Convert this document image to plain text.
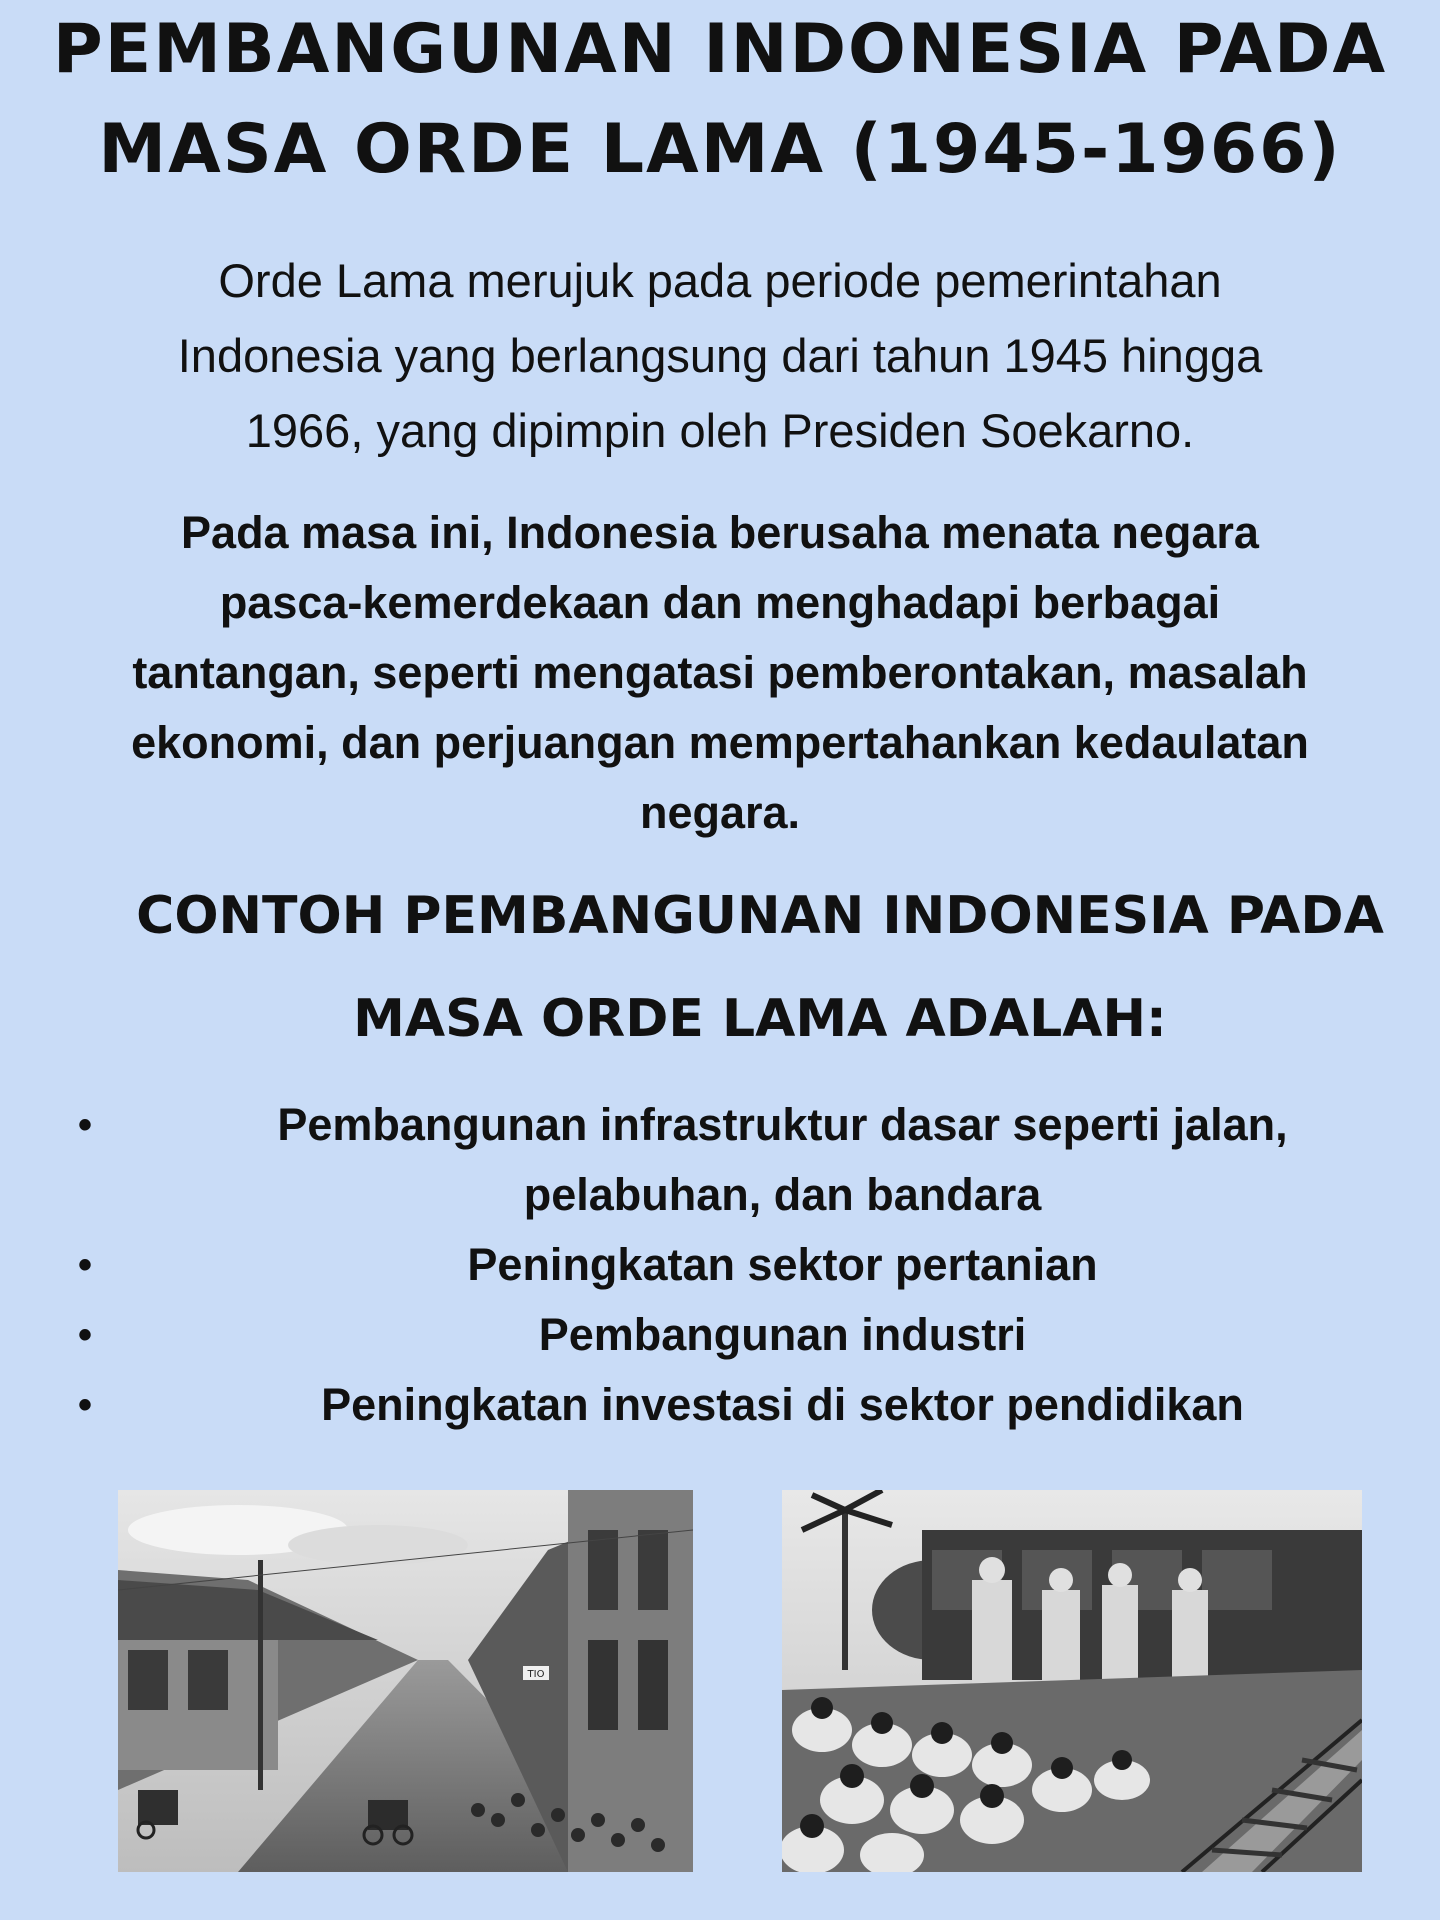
PEMBANGUNAN INDONESIA PADA
MASA ORDE LAMA (1945-1966)

Orde Lama merujuk pada periode pemerintahan
Indonesia yang berlangsung dari tahun 1945 hingga
1966, yang dipimpin oleh Presiden Soekarno.

Pada masa ini, Indonesia berusaha menata negara
pasca-kemerdekaan dan menghadapi berbagai
tantangan, seperti mengatasi pemberontakan, masalah
ekonomi, dan perjuangan mempertahankan kedaulatan
negara.

CONTOH PEMBANGUNAN INDONESIA PADA
MASA ORDE LAMA ADALAH:
•	Pembangunan infrastruktur dasar seperti jalan,
pelabuhan, dan bandara
•	Peningkatan sektor pertanian
•	Pembangunan industri
•	Peningkatan investasi di sektor pendidikan
TIO
